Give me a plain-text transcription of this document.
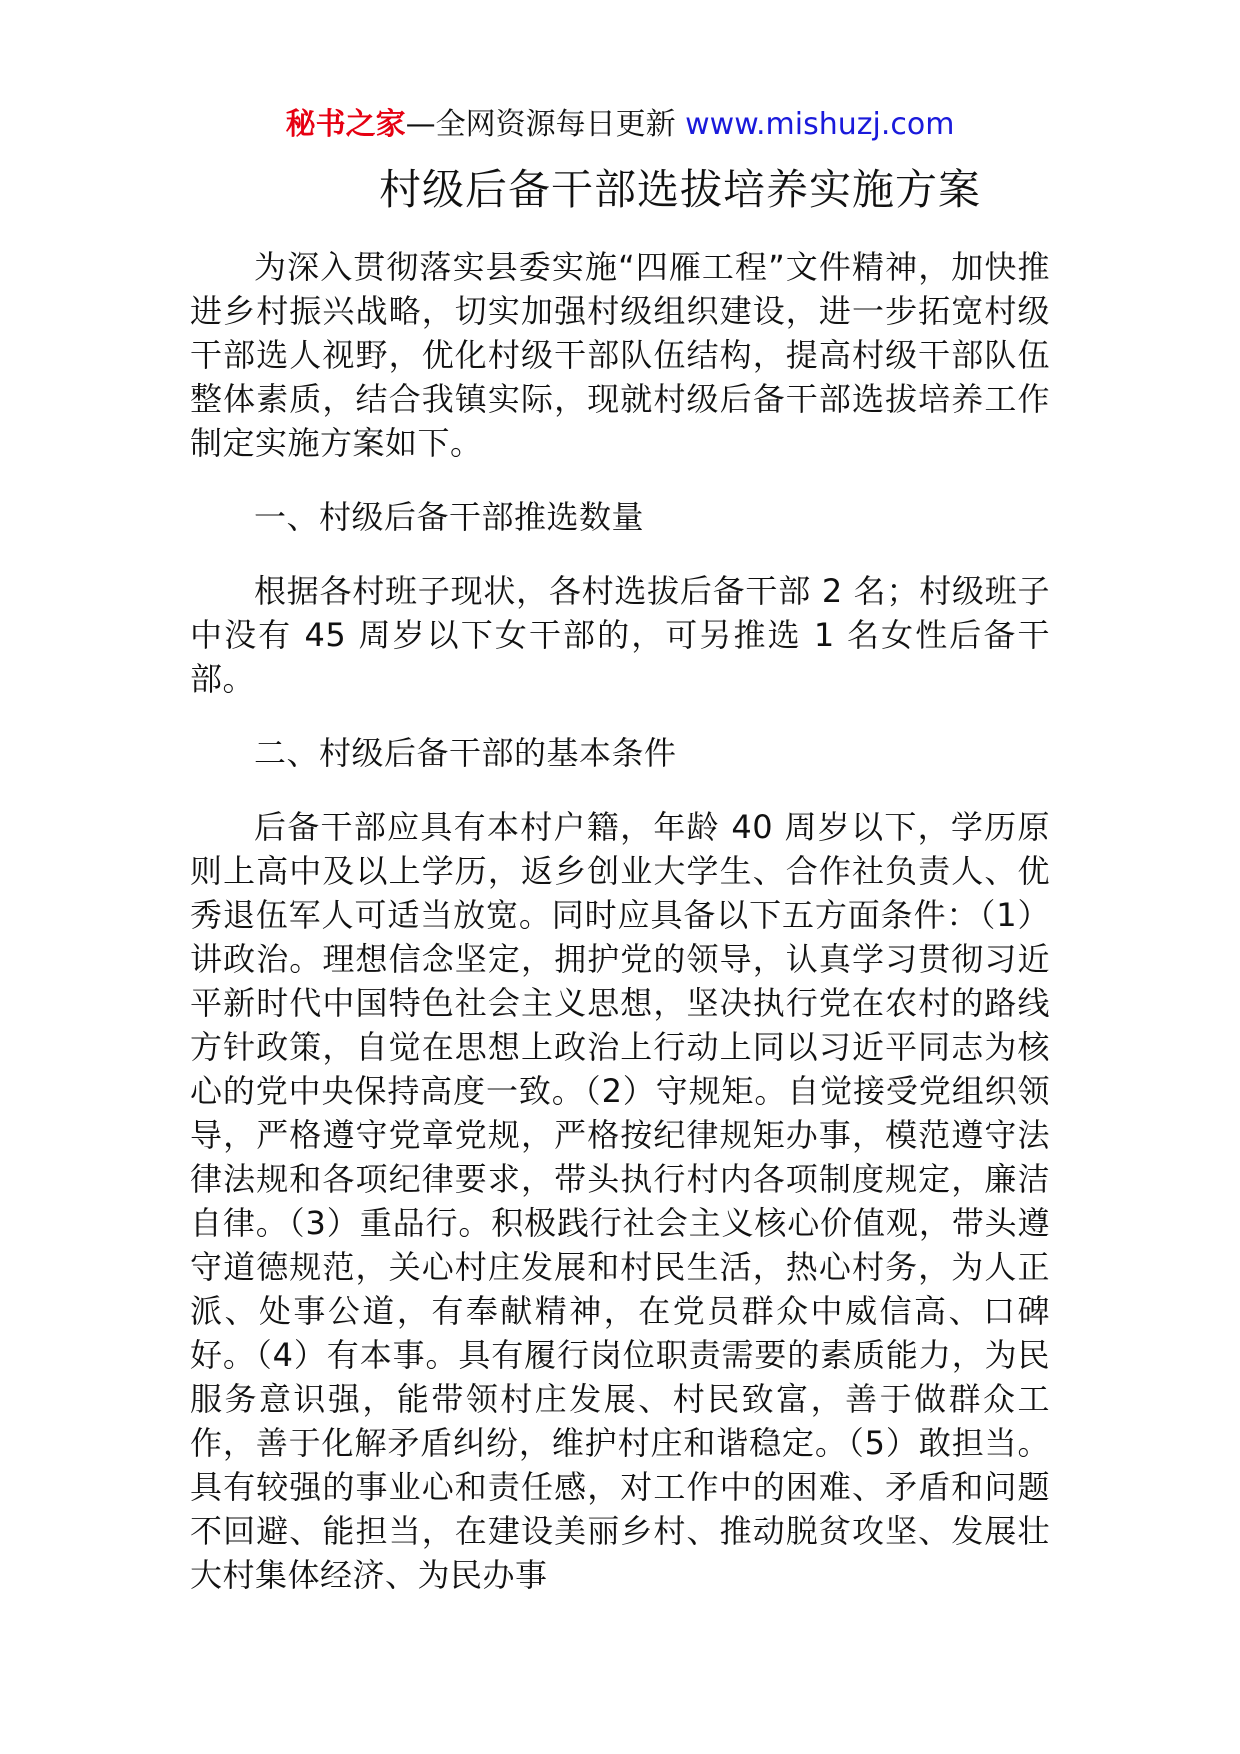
秘书之家—全网资源每日更新 www.mishuzj.com
村级后备干部选拔培养实施方案

为深入贯彻落实县委实施“四雁工程”文件精神，加快推进乡村振兴战略，切实加强村级组织建设，进一步拓宽村级干部选人视野，优化村级干部队伍结构，提高村级干部队伍整体素质，结合我镇实际，现就村级后备干部选拔培养工作制定实施方案如下。

一、村级后备干部推选数量

根据各村班子现状，各村选拔后备干部 2 名；村级班子中没有 45 周岁以下女干部的，可另推选 1 名女性后备干部。

二、村级后备干部的基本条件

后备干部应具有本村户籍，年龄 40 周岁以下，学历原则上高中及以上学历，返乡创业大学生、合作社负责人、优秀退伍军人可适当放宽。同时应具备以下五方面条件：（1）讲政治。理想信念坚定，拥护党的领导，认真学习贯彻习近平新时代中国特色社会主义思想，坚决执行党在农村的路线方针政策，自觉在思想上政治上行动上同以习近平同志为核心的党中央保持高度一致。（2）守规矩。自觉接受党组织领导，严格遵守党章党规，严格按纪律规矩办事，模范遵守法律法规和各项纪律要求，带头执行村内各项制度规定，廉洁自律。（3）重品行。积极践行社会主义核心价值观，带头遵守道德规范，关心村庄发展和村民生活，热心村务，为人正派、处事公道，有奉献精神，在党员群众中威信高、口碑好。（4）有本事。具有履行岗位职责需要的素质能力，为民服务意识强，能带领村庄发展、村民致富，善于做群众工作，善于化解矛盾纠纷，维护村庄和谐稳定。（5）敢担当。具有较强的事业心和责任感，对工作中的困难、矛盾和问题不回避、能担当，在建设美丽乡村、推动脱贫攻坚、发展壮大村集体经济、为民办事
